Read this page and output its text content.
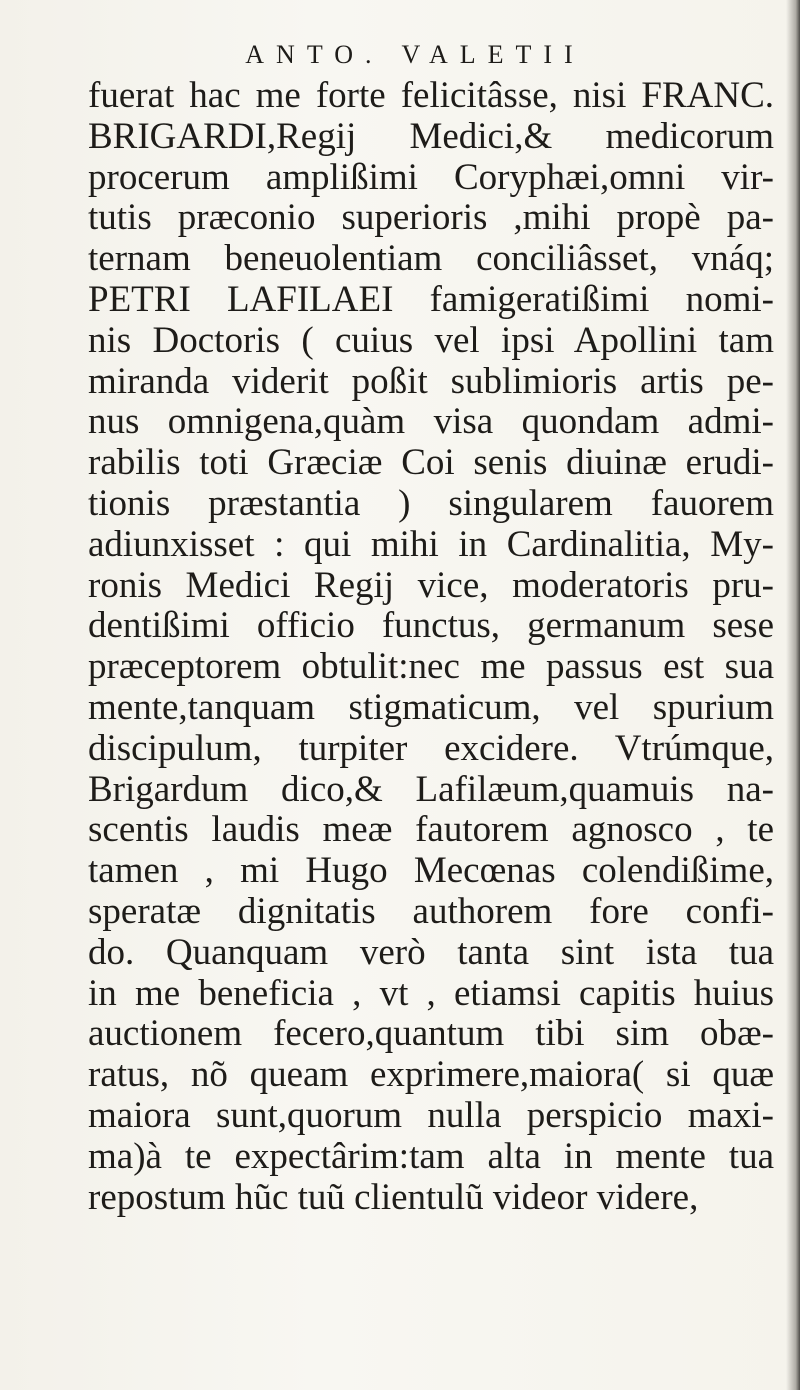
ANTO. VALETII
fuerat hac me forte felicitâsse, nisi FRANC.
BRIGARDI,Regij Medici,& medicorum
procerum amplißimi Coryphæi,omni vir-
tutis præconio superioris ,mihi propè pa-
ternam beneuolentiam conciliâsset, vnáq;
PETRI LAFILAEI famigeratißimi nomi-
nis Doctoris ( cuius vel ipsi Apollini tam
miranda viderit poßit sublimioris artis pe-
nus omnigena,quàm visa quondam admi-
rabilis toti Græciæ Coi senis diuinæ erudi-
tionis præstantia ) singularem fauorem
adiunxisset : qui mihi in Cardinalitia, My-
ronis Medici Regij vice, moderatoris pru-
dentißimi officio functus, germanum sese
præceptorem obtulit:nec me passus est sua
mente,tanquam stigmaticum, vel spurium
discipulum, turpiter excidere. Vtrúmque,
Brigardum dico,& Lafilæum,quamuis na-
scentis laudis meæ fautorem agnosco , te
tamen , mi Hugo Mecœnas colendißime,
speratæ dignitatis authorem fore confi-
do. Quanquam verò tanta sint ista tua
in me beneficia , vt , etiamsi capitis huius
auctionem fecero,quantum tibi sim obæ-
ratus, nõ queam exprimere,maiora( si quæ
maiora sunt,quorum nulla perspicio maxi-
ma)à te expectârim:tam alta in mente tua
repostum hũc tuũ clientulũ videor videre,
